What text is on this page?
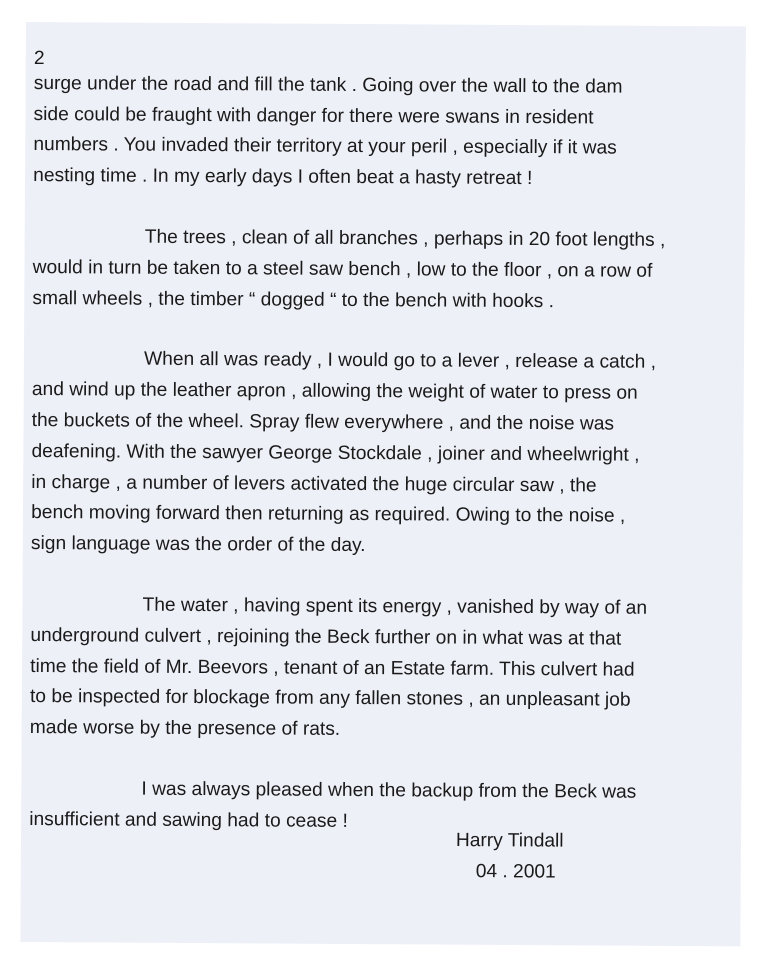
2

surge under the road and fill the tank . Going over the wall to the dam

side could be fraught with danger for there were swans in resident

numbers . You invaded their territory at your peril , especially if it was

nesting time . In my early days I often beat a hasty retreat !

The trees , clean of all branches , perhaps in 20 foot lengths ,

would in turn be taken to a steel saw bench , low to the floor , on a row of

small wheels , the timber “ dogged “ to the bench with hooks .

When all was ready , I would go to a lever , release a catch ,

and wind up the leather apron , allowing the weight of water to press on

the buckets of the wheel. Spray flew everywhere , and the noise was

deafening. With the sawyer George Stockdale , joiner and wheelwright ,

in charge , a number of levers activated the huge circular saw , the

bench moving forward then returning as required. Owing to the noise ,

sign language was the order of the day.

The water , having spent its energy , vanished by way of an

underground culvert , rejoining the Beck further on in what was at that

time the field of Mr. Beevors , tenant of an Estate farm. This culvert had

to be inspected for blockage from any fallen stones , an unpleasant job

made worse by the presence of rats.

I was always pleased when the backup from the Beck was

insufficient and sawing had to cease !

Harry Tindall

04 . 2001
